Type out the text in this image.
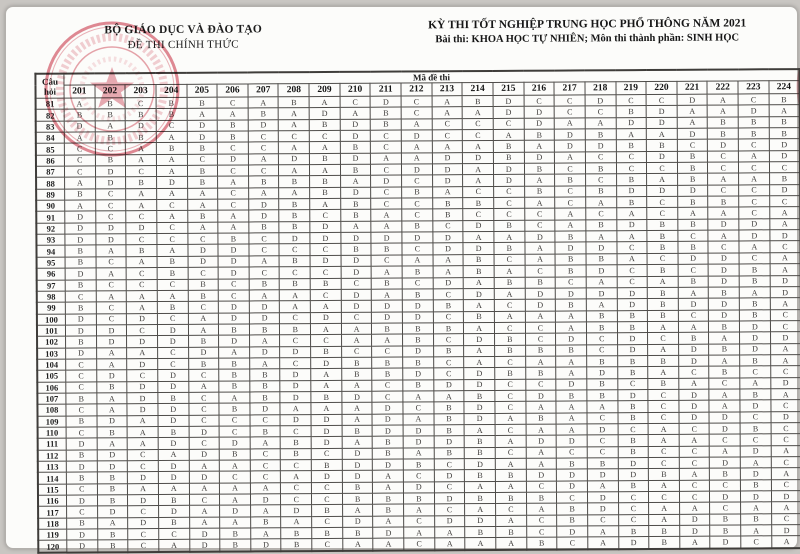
BỘ GIÁO DỤC VÀ ĐÀO TẠO
ĐỀ THI CHÍNH THỨC
KỲ THI TỐT NGHIỆP TRUNG HỌC PHỔ THÔNG NĂM 2021
Bài thi: KHOA HỌC TỰ NHIÊN; Môn thi thành phần: SINH HỌC
Câu hỏi	Mã đề thi																							
	201	202	203	204	205	206	207	208	209	210	211	212	213	214	215	216	217	218	219	220	221	222	223	224
81	A	B	C	B	B	C	A	B	A	C	D	C	A	B	D	C	C	D	C	C	D	A	C	B
82	B	B	B	B	A	A	B	A	D	A	B	C	A	A	D	D	C	C	B	D	A	A	D	A
83	D	A	D	C	D	B	D	A	B	D	B	A	C	C	C	D	A	A	D	D	A	B	B	B
84	A	B	B	A	D	B	C	C	C	D	C	D	C	C	A	B	D	B	A	A	D	B	B	B
85	C	C	A	B	B	C	C	A	A	B	C	A	A	A	B	A	D	D	B	B	C	D	C	D
86	C	B	A	A	C	D	A	D	B	D	A	A	D	D	B	D	A	C	C	D	B	C	A	D
87	C	D	C	A	B	C	C	A	A	B	C	D	D	A	D	B	C	B	C	C	B	C	C	C
88	A	D	B	D	B	A	B	B	B	A	D	C	D	A	D	A	B	C	B	A	B	A	A	B
89	B	C	A	A	A	C	A	A	B	D	C	B	A	C	C	B	C	B	D	D	D	C	C	D
90	A	C	A	C	A	C	D	B	A	B	C	C	B	B	C	A	C	A	B	C	B	B	C	C
91	D	C	C	A	B	A	D	B	C	B	A	C	B	C	C	C	A	C	A	C	A	A	C	A
92	D	D	D	C	A	A	B	B	D	A	A	B	C	D	B	C	A	B	D	B	B	D	D	A
93	D	D	C	C	C	B	C	D	D	D	D	D	D	A	A	D	B	A	A	B	C	A	D	D
94	B	A	B	A	D	D	C	C	C	B	B	C	D	D	B	A	D	D	C	B	B	C	A	C
95	B	C	A	B	D	D	A	B	D	D	C	A	A	B	C	A	B	B	A	C	D	D	C	A
96	D	A	C	B	C	D	C	C	C	D	A	B	A	B	A	C	B	D	C	B	C	D	B	A
97	B	C	C	C	B	C	B	B	B	C	B	C	D	A	B	B	C	A	C	A	B	D	B	D
98	C	A	A	A	B	C	A	A	C	D	A	B	C	D	A	D	D	D	D	B	A	B	A	D
99	B	C	A	B	C	D	D	A	A	D	D	D	B	A	C	D	B	A	D	B	D	D	B	A
100	D	C	D	C	A	D	D	C	D	C	D	D	C	B	A	A	A	B	B	B	C	D	B	C
101	D	D	C	D	A	B	B	B	A	A	B	B	B	A	C	C	A	B	B	A	A	B	D	C
102	B	D	D	D	B	D	A	C	C	A	A	B	C	D	B	C	D	C	D	C	B	A	D	D
103	D	A	A	C	D	A	D	D	B	C	C	D	B	A	B	B	B	C	D	A	D	B	D	A
104	C	A	D	C	B	B	A	C	D	B	B	B	C	A	C	A	A	B	B	B	D	A	B	A
105	C	D	C	D	C	B	B	D	A	B	B	D	C	D	B	B	A	D	B	A	C	B	C	C
106	C	B	D	D	A	B	B	D	A	A	C	B	D	D	C	C	D	B	C	B	A	C	A	D
107	B	A	D	B	C	A	B	D	B	D	C	A	A	B	C	D	B	B	D	C	D	A	B	A
108	C	A	D	D	C	B	D	A	A	A	D	C	B	D	C	A	A	A	B	C	D	A	D	C
109	B	D	A	D	C	C	C	D	D	A	D	A	B	D	A	B	A	C	B	C	D	D	C	D
110	C	B	A	B	D	C	B	C	D	B	D	D	B	A	C	A	A	D	C	A	C	D	B	C
111	D	A	A	D	C	D	A	B	D	A	B	D	D	B	A	D	D	C	B	A	A	C	C	C
112	B	D	C	A	D	B	C	B	C	D	B	A	B	B	C	A	C	C	B	C	C	A	D	A
113	D	D	C	D	A	A	C	C	B	D	D	B	C	D	A	A	B	B	D	C	C	D	A	C
114	B	B	D	D	D	C	C	A	D	D	A	C	D	B	B	D	D	D	D	B	A	B	D	A
115	C	B	A	A	A	A	A	C	C	B	A	D	C	A	A	C	D	A	B	A	C	C	B	C
116	D	B	D	B	C	A	D	C	C	B	B	B	D	B	B	B	C	D	C	C	C	D	D	D
117	C	D	C	D	A	D	A	D	B	A	B	A	C	A	C	A	B	D	C	A	A	C	A	A
118	B	A	D	B	A	A	B	A	C	D	A	C	D	D	A	C	B	C	C	A	D	B	B	C
119	D	B	C	C	D	B	A	B	B	B	D	A	A	B	B	C	D	A	B	B	D	B	A	D
120	D	B	C	A	D	B	D	B	C	A	A	C	A	A	A	B	C	A	D	B	A	D	C	A
